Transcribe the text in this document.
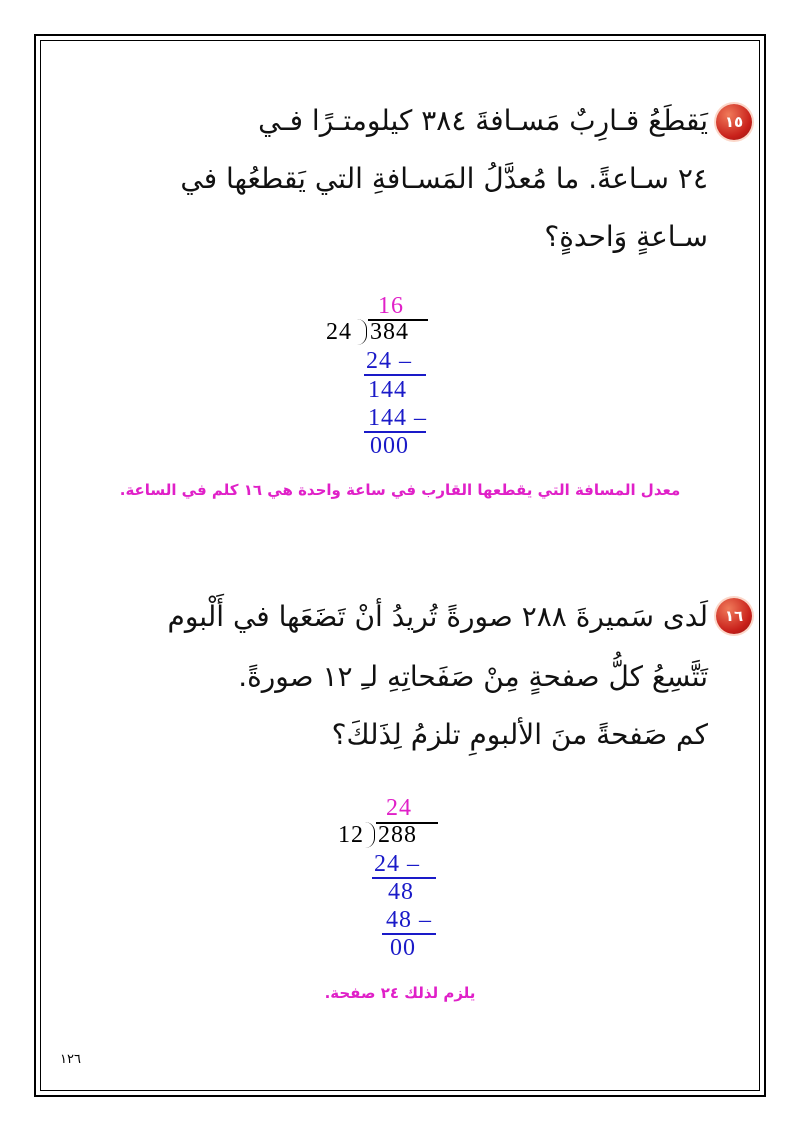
١٥
يَقطَعُ قـارِبٌ مَسـافةَ ٣٨٤ كيلومتـرًا فـي
٢٤ سـاعةً. ما مُعدَّلُ المَسـافةِ التي يَقطعُها في
سـاعةٍ وَاحدةٍ؟
16
24 384
24 –
144
144 –
000
معدل المسافة التي يقطعها القارب في ساعة واحدة هي ١٦ كلم في الساعة.
١٦
لَدى سَميرةَ ٢٨٨ صورةً تُريدُ أنْ تَضَعَها في أَلْبوم
تَتَّسِعُ كلُّ صفحةٍ مِنْ صَفَحاتِهِ لـِ ١٢ صورةً.
كم صَفحةً منَ الألبومِ تلزمُ لِذَلكَ؟
24
12 288
24 –
48
48 –
00
يلزم لذلك ٢٤ صفحة.
١٢٦
